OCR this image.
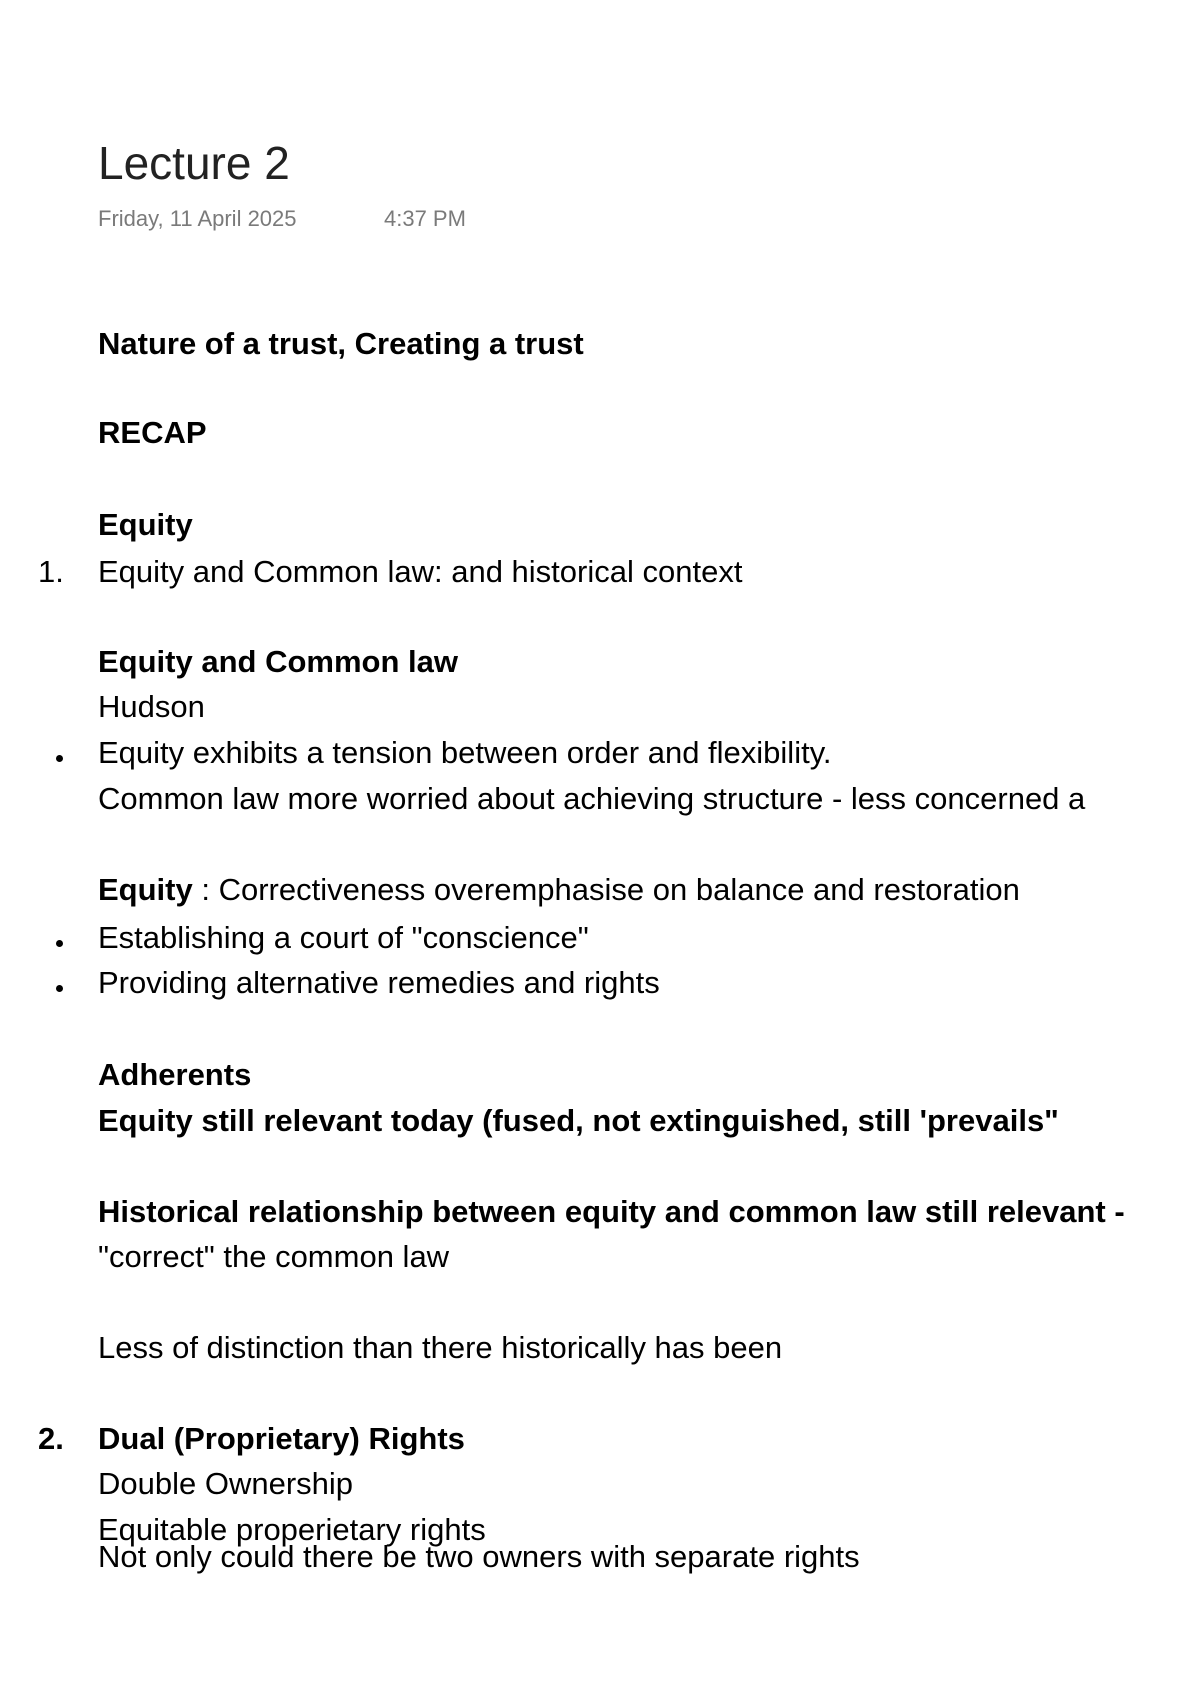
Lecture 2
Friday, 11 April 2025	4:37 PM
Nature of a trust, Creating a trust
RECAP
Equity
1. Equity and Common law: and historical context
Equity and Common law
Hudson
Equity exhibits a tension between order and flexibility.
Common law more worried about achieving structure - less concerned a
Equity : Correctiveness overemphasise on balance and restoration
Establishing a court of "conscience"
Providing alternative remedies and rights
Adherents
Equity still relevant today (fused, not extinguished, still 'prevails"
Historical relationship between equity and common law still relevant -
"correct" the common law
Less of distinction than there historically has been
2. Dual (Proprietary) Rights
Double Ownership
Equitable properietary rights
Not only could there be two owners with separate rights
